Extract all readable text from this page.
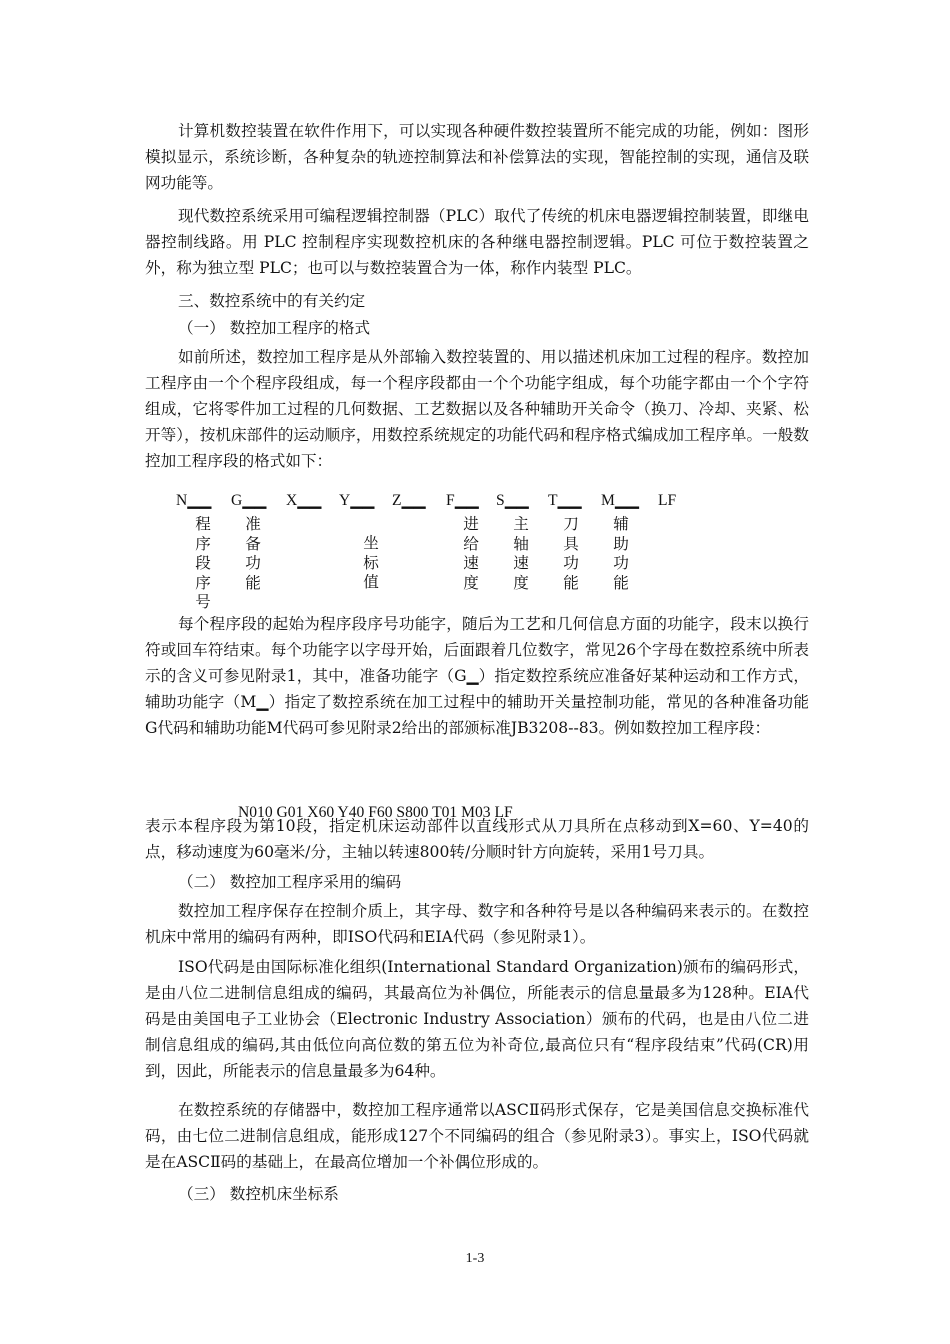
计算机数控装置在软件作用下，可以实现各种硬件数控装置所不能完成的功能，例如：图形模拟显示，系统诊断，各种复杂的轨迹控制算法和补偿算法的实现，智能控制的实现，通信及联网功能等。

现代数控系统采用可编程逻辑控制器（PLC）取代了传统的机床电器逻辑控制装置，即继电器控制线路。用 PLC 控制程序实现数控机床的各种继电器控制逻辑。PLC 可位于数控装置之外，称为独立型 PLC；也可以与数控装置合为一体，称作内装型 PLC。

三、数控系统中的有关约定

（一） 数控加工程序的格式

如前所述，数控加工程序是从外部输入数控装置的、用以描述机床加工过程的程序。数控加工程序由一个个程序段组成，每一个程序段都由一个个功能字组成，每个功能字都由一个个字符组成，它将零件加工过程的几何数据、工艺数据以及各种辅助开关命令（换刀、冷却、夹紧、松开等），按机床部件的运动顺序，用数控系统规定的功能代码和程序格式编成加工程序单。一般数控加工程序段的格式如下：

N▁▁ G▁▁ X▁▁ Y▁▁ Z▁▁ F▁▁ S▁▁ T▁▁ M▁▁ LF
程序段序号
准备功能
坐标值
进给速度
主轴速度
刀具功能
辅助功能

每个程序段的起始为程序段序号功能字，随后为工艺和几何信息方面的功能字，段末以换行符或回车符结束。每个功能字以字母开始，后面跟着几位数字，常见26个字母在数控系统中所表示的含义可参见附录1，其中，准备功能字（G▁）指定数控系统应准备好某种运动和工作方式，辅助功能字（M▁）指定了数控系统在加工过程中的辅助开关量控制功能，常见的各种准备功能G代码和辅助功能M代码可参见附录2给出的部颁标准JB3208--83。例如数控加工程序段：

N010 G01 X60 Y40 F60 S800 T01 M03 LF

表示本程序段为第10段，指定机床运动部件以直线形式从刀具所在点移动到X=60、Y=40的点，移动速度为60毫米/分，主轴以转速800转/分顺时针方向旋转，采用1号刀具。

（二） 数控加工程序采用的编码

数控加工程序保存在控制介质上，其字母、数字和各种符号是以各种编码来表示的。在数控机床中常用的编码有两种，即ISO代码和EIA代码（参见附录1）。

ISO代码是由国际标准化组织(International Standard Organization)颁布的编码形式，是由八位二进制信息组成的编码，其最高位为补偶位，所能表示的信息量最多为128种。EIA代码是由美国电子工业协会（Electronic Industry Association）颁布的代码，也是由八位二进制信息组成的编码,其由低位向高位数的第五位为补奇位,最高位只有“程序段结束”代码(CR)用到，因此，所能表示的信息量最多为64种。

在数控系统的存储器中，数控加工程序通常以ASCⅡ码形式保存，它是美国信息交换标准代码，由七位二进制信息组成，能形成127个不同编码的组合（参见附录3）。事实上，ISO代码就是在ASCⅡ码的基础上，在最高位增加一个补偶位形成的。

（三） 数控机床坐标系

1-3
